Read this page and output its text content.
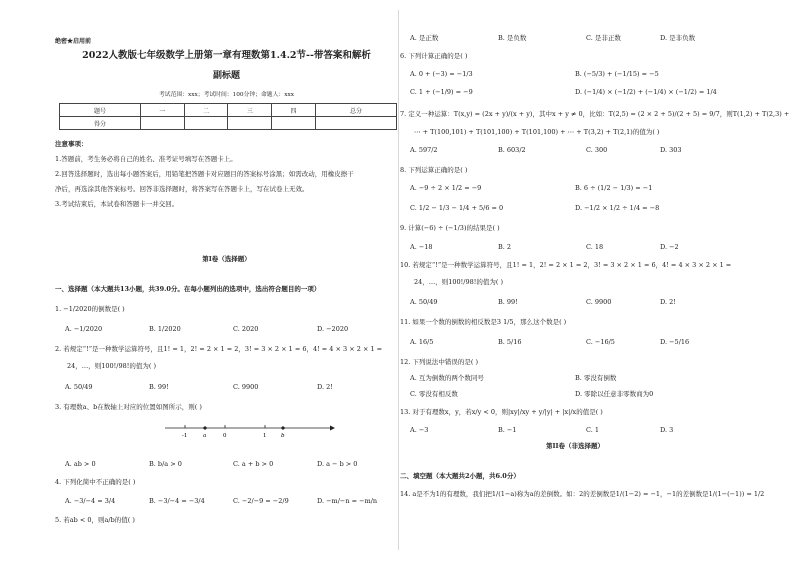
绝密★启用前
2022人教版七年级数学上册第一章有理数第1.4.2节--带答案和解析
副标题
考试范围：xxx；考试时间：100分钟；命题人：xxx
题号	一	二	三	四	总分
得分					
注意事项：
1.答题前，考生务必将自己的姓名、准考证号填写在答题卡上。
2.回答选择题时，选出每小题答案后，用铅笔把答题卡对应题目的答案标号涂黑；如需改动，用橡皮擦干
净后，再选涂其他答案标号。回答非选择题时，将答案写在答题卡上，写在试卷上无效。
3.考试结束后，本试卷和答题卡一并交回。
第I卷（选择题）
一、选择题（本大题共13小题，共39.0分。在每小题列出的选项中，选出符合题目的一项）
1. −1/2020的倒数是( )
A. −1/2020	B. 1/2020	C. 2020	D. −2020
2. 若规定“!”是一种数学运算符号，且1! = 1，2! = 2 × 1 = 2，3! = 3 × 2 × 1 = 6，4! = 4 × 3 × 2 × 1 =
24，…，则100!/98!的值为( )
A. 50/49	B. 99!	C. 9900	D. 2!
3. 有理数a、b在数轴上对应的位置如图所示，则( )
-1	a	0	1	b
A. ab > 0	B. b/a > 0	C. a + b > 0	D. a − b > 0
4. 下列化简中不正确的是( )
A. −3/−4 = 3/4	B. −3/−4 = −3/4	C. −2/−9 = −2/9	D. −m/−n = −m/n
5. 若ab < 0，则a/b的值( )
A. 是正数	B. 是负数	C. 是非正数	D. 是非负数
6. 下列计算正确的是( )
A. 0 + (−3) = −1/3	B. (−5/3) + (−1/15) = −5
C. 1 + (−1/9) = −9	D. (−1/4) × (−1/2) + (−1/4) × (−1/2) = 1/4
7. 定义一种运算：T(x,y) = (2x + y)/(x + y)，其中x + y ≠ 0，比如：T(2,5) = (2 × 2 + 5)/(2 + 5) = 9/7，则T(1,2) + T(2,3) +
⋯ + T(100,101) + T(101,100) + T(101,100) + ⋯ + T(3,2) + T(2,1)的值为( )
A. 597/2	B. 603/2	C. 300	D. 303
8. 下列运算正确的是( )
A. −9 ÷ 2 × 1/2 = −9	B. 6 ÷ (1/2 − 1/3) = −1
C. 1/2 − 1/3 − 1/4 + 5/6 = 0	D. −1/2 × 1/2 ÷ 1/4 = −8
9. 计算(−6) ÷ (−1/3)的结果是( )
A. −18	B. 2	C. 18	D. −2
10. 若规定“!”是一种数学运算符号，且1! = 1，2! = 2 × 1 = 2，3! = 3 × 2 × 1 = 6，4! = 4 × 3 × 2 × 1 =
24，…，则100!/98!的值为( )
A. 50/49	B. 99!	C. 9900	D. 2!
11. 如果一个数的倒数的相反数是3 1/5，那么这个数是( )
A. 16/5	B. 5/16	C. −16/5	D. −5/16
12. 下列说法中错误的是( )
A. 互为倒数的两个数同号	B. 零没有倒数
C. 零没有相反数	D. 零除以任意非零数商为0
13. 对于有理数x，y，若x/y < 0，则|xy|/xy + y/|y| + |x|/x的值是( )
A. −3	B. −1	C. 1	D. 3
第II卷（非选择题）
二、填空题（本大题共2小题，共6.0分）
14. a是不为1的有理数，我们把1/(1−a)称为a的差倒数。如：2的差倒数是1/(1−2) = −1，−1的差倒数是1/(1−(−1)) = 1/2
